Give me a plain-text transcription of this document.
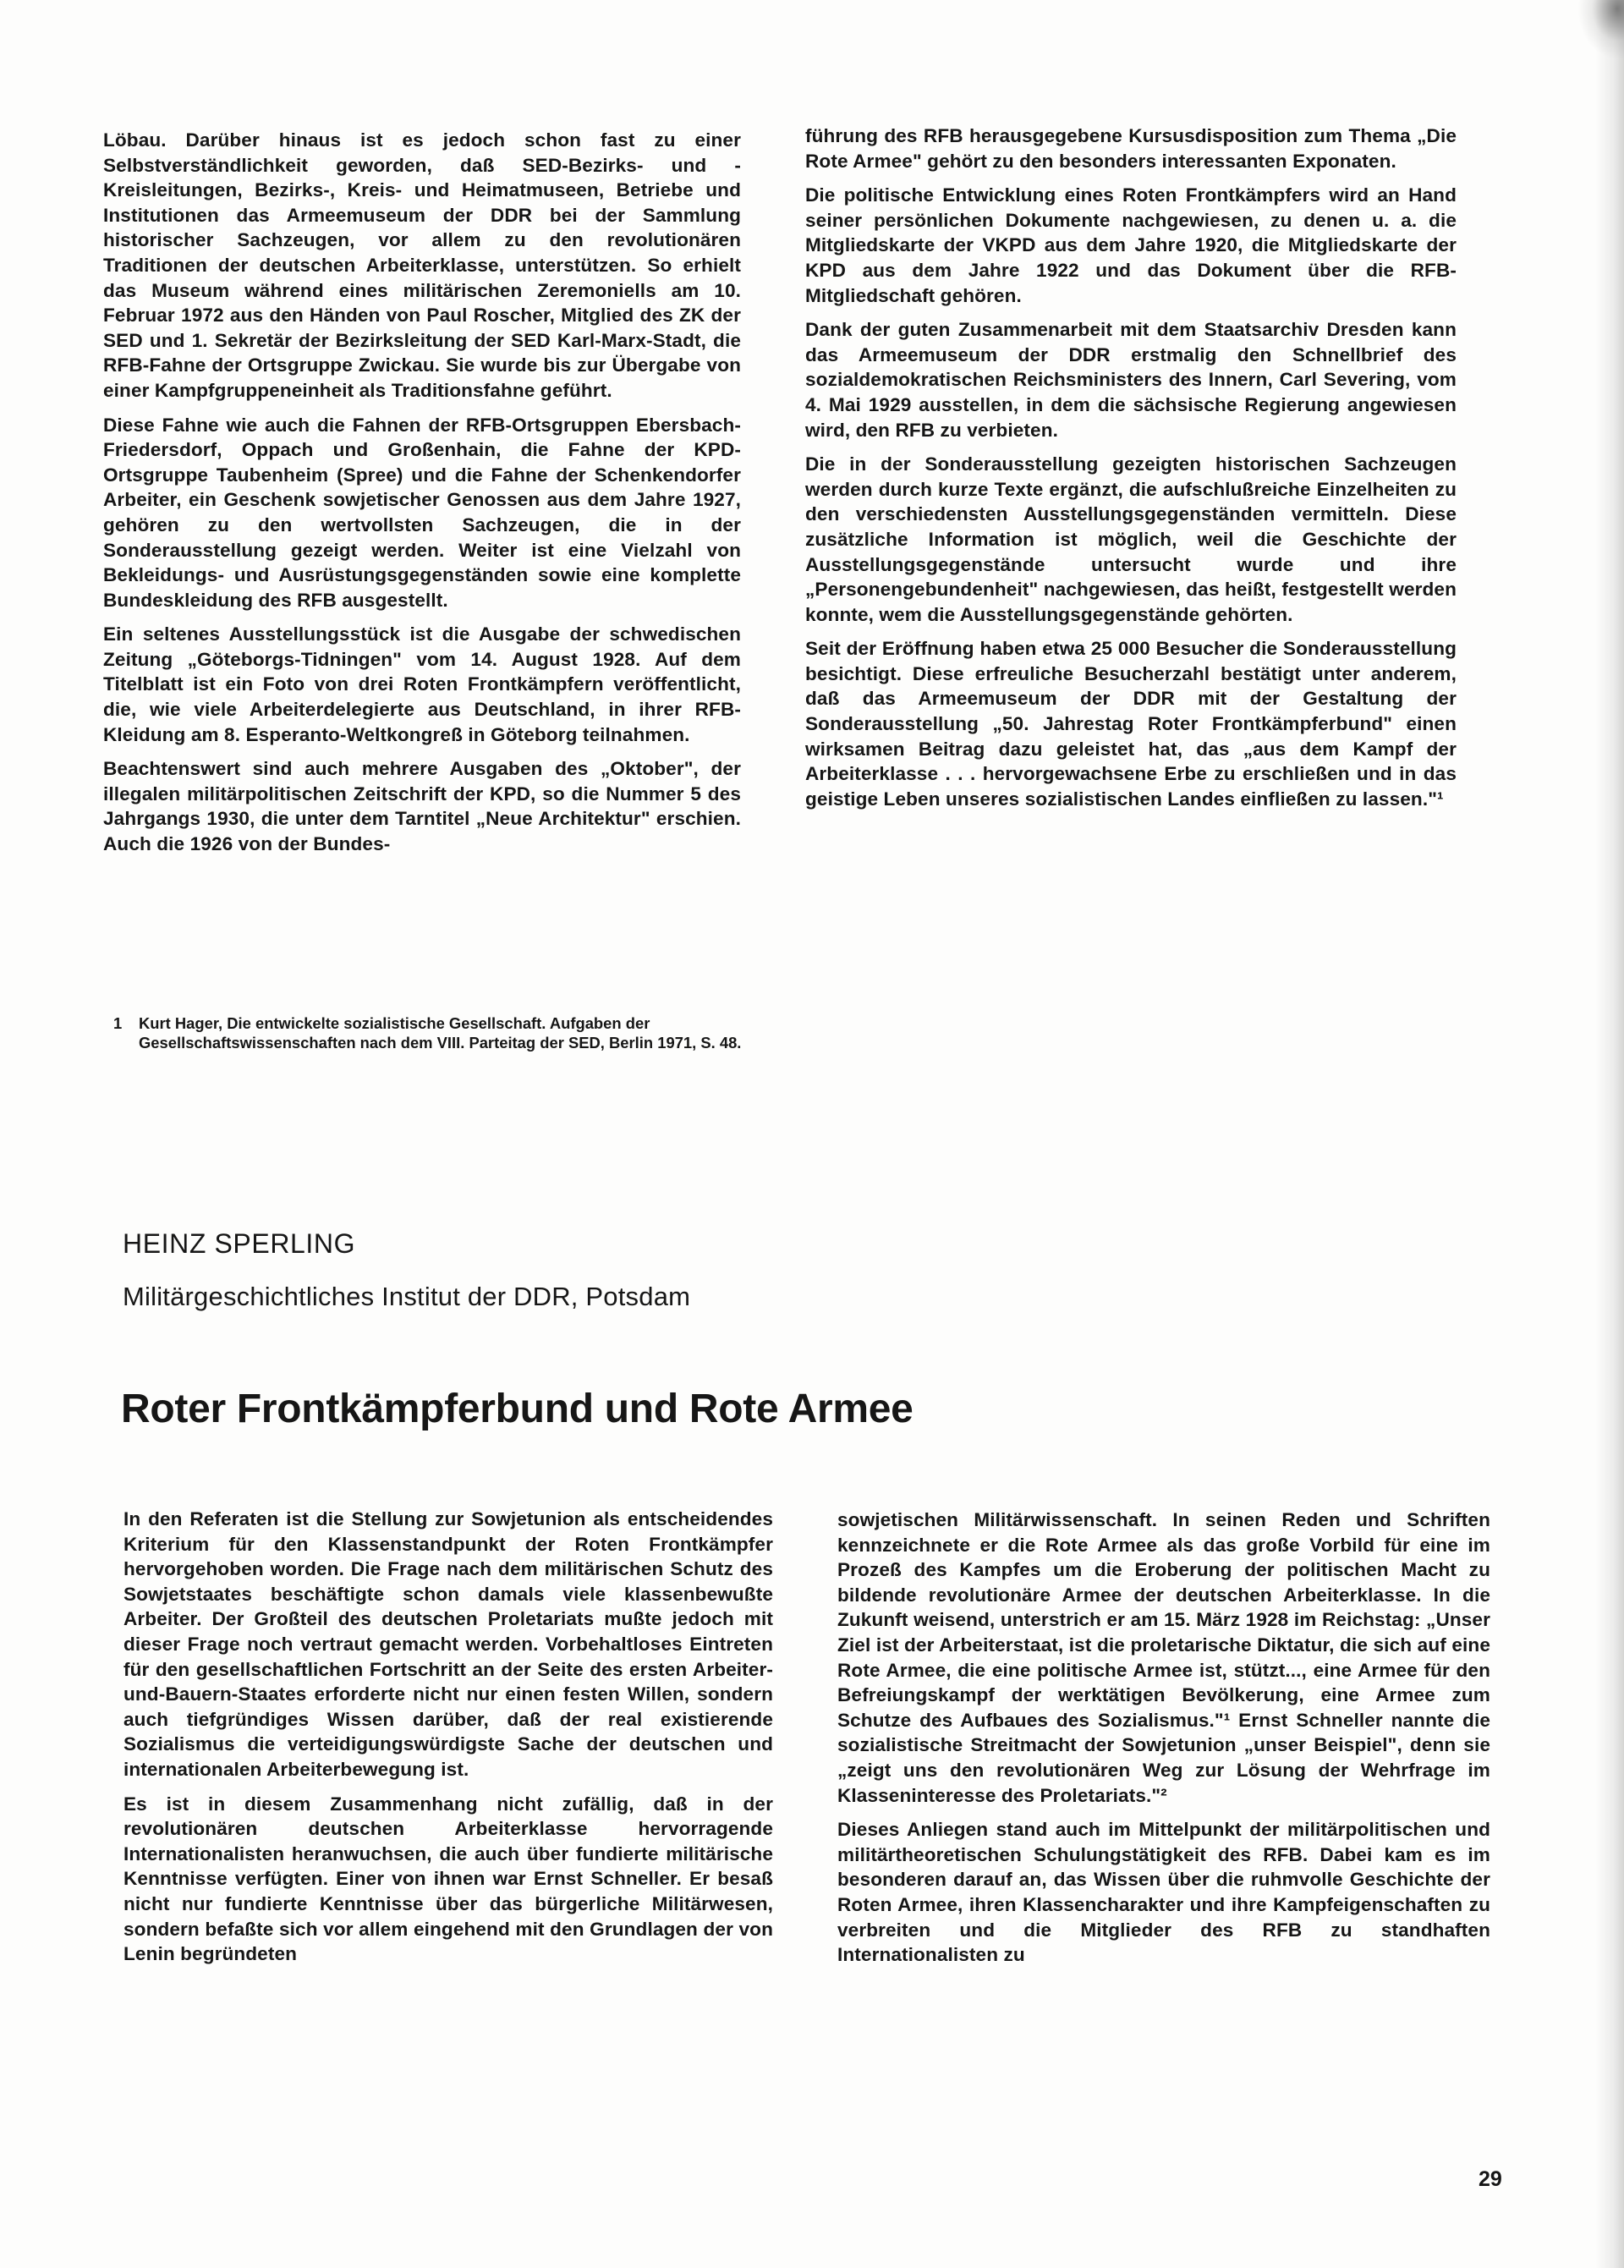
Löbau. Darüber hinaus ist es jedoch schon fast zu einer Selbstverständlichkeit geworden, daß SED-Bezirks- und -Kreisleitungen, Bezirks-, Kreis- und Heimatmuseen, Betriebe und Institutionen das Armeemuseum der DDR bei der Sammlung historischer Sachzeugen, vor allem zu den revolutionären Traditionen der deutschen Arbeiterklasse, unterstützen. So erhielt das Museum während eines militärischen Zeremoniells am 10. Februar 1972 aus den Händen von Paul Roscher, Mitglied des ZK der SED und 1. Sekretär der Bezirksleitung der SED Karl-Marx-Stadt, die RFB-Fahne der Ortsgruppe Zwickau. Sie wurde bis zur Übergabe von einer Kampfgruppeneinheit als Traditionsfahne geführt.

Diese Fahne wie auch die Fahnen der RFB-Ortsgruppen Ebersbach-Friedersdorf, Oppach und Großenhain, die Fahne der KPD-Ortsgruppe Taubenheim (Spree) und die Fahne der Schenkendorfer Arbeiter, ein Geschenk sowjetischer Genossen aus dem Jahre 1927, gehören zu den wertvollsten Sachzeugen, die in der Sonderausstellung gezeigt werden. Weiter ist eine Vielzahl von Bekleidungs- und Ausrüstungsgegenständen sowie eine komplette Bundeskleidung des RFB ausgestellt.

Ein seltenes Ausstellungsstück ist die Ausgabe der schwedischen Zeitung „Göteborgs-Tidningen" vom 14. August 1928. Auf dem Titelblatt ist ein Foto von drei Roten Frontkämpfern veröffentlicht, die, wie viele Arbeiterdelegierte aus Deutschland, in ihrer RFB-Kleidung am 8. Esperanto-Weltkongreß in Göteborg teilnahmen.

Beachtenswert sind auch mehrere Ausgaben des „Oktober", der illegalen militärpolitischen Zeitschrift der KPD, so die Nummer 5 des Jahrgangs 1930, die unter dem Tarntitel „Neue Architektur" erschien. Auch die 1926 von der Bundes-

führung des RFB herausgegebene Kursusdisposition zum Thema „Die Rote Armee" gehört zu den besonders interessanten Exponaten.

Die politische Entwicklung eines Roten Frontkämpfers wird an Hand seiner persönlichen Dokumente nachgewiesen, zu denen u. a. die Mitgliedskarte der VKPD aus dem Jahre 1920, die Mitgliedskarte der KPD aus dem Jahre 1922 und das Dokument über die RFB-Mitgliedschaft gehören.

Dank der guten Zusammenarbeit mit dem Staatsarchiv Dresden kann das Armeemuseum der DDR erstmalig den Schnellbrief des sozialdemokratischen Reichsministers des Innern, Carl Severing, vom 4. Mai 1929 ausstellen, in dem die sächsische Regierung angewiesen wird, den RFB zu verbieten.

Die in der Sonderausstellung gezeigten historischen Sachzeugen werden durch kurze Texte ergänzt, die aufschlußreiche Einzelheiten zu den verschiedensten Ausstellungsgegenständen vermitteln. Diese zusätzliche Information ist möglich, weil die Geschichte der Ausstellungsgegenstände untersucht wurde und ihre „Personengebundenheit" nachgewiesen, das heißt, festgestellt werden konnte, wem die Ausstellungsgegenstände gehörten.

Seit der Eröffnung haben etwa 25 000 Besucher die Sonderausstellung besichtigt. Diese erfreuliche Besucherzahl bestätigt unter anderem, daß das Armeemuseum der DDR mit der Gestaltung der Sonderausstellung „50. Jahrestag Roter Frontkämpferbund" einen wirksamen Beitrag dazu geleistet hat, das „aus dem Kampf der Arbeiterklasse . . . hervorgewachsene Erbe zu erschließen und in das geistige Leben unseres sozialistischen Landes einfließen zu lassen."¹

1	Kurt Hager, Die entwickelte sozialistische Gesellschaft. Aufgaben der Gesellschaftswissenschaften nach dem VIII. Parteitag der SED, Berlin 1971, S. 48.
HEINZ SPERLING

Militärgeschichtliches Institut der DDR, Potsdam

Roter Frontkämpferbund und Rote Armee

In den Referaten ist die Stellung zur Sowjetunion als entscheidendes Kriterium für den Klassenstandpunkt der Roten Frontkämpfer hervorgehoben worden. Die Frage nach dem militärischen Schutz des Sowjetstaates beschäftigte schon damals viele klassenbewußte Arbeiter. Der Großteil des deutschen Proletariats mußte jedoch mit dieser Frage noch vertraut gemacht werden. Vorbehaltloses Eintreten für den gesellschaftlichen Fortschritt an der Seite des ersten Arbeiter-und-Bauern-Staates erforderte nicht nur einen festen Willen, sondern auch tiefgründiges Wissen darüber, daß der real existierende Sozialismus die verteidigungswürdigste Sache der deutschen und internationalen Arbeiterbewegung ist.

Es ist in diesem Zusammenhang nicht zufällig, daß in der revolutionären deutschen Arbeiterklasse hervorragende Internationalisten heranwuchsen, die auch über fundierte militärische Kenntnisse verfügten. Einer von ihnen war Ernst Schneller. Er besaß nicht nur fundierte Kenntnisse über das bürgerliche Militärwesen, sondern befaßte sich vor allem eingehend mit den Grundlagen der von Lenin begründeten

sowjetischen Militärwissenschaft. In seinen Reden und Schriften kennzeichnete er die Rote Armee als das große Vorbild für eine im Prozeß des Kampfes um die Eroberung der politischen Macht zu bildende revolutionäre Armee der deutschen Arbeiterklasse. In die Zukunft weisend, unterstrich er am 15. März 1928 im Reichstag: „Unser Ziel ist der Arbeiterstaat, ist die proletarische Diktatur, die sich auf eine Rote Armee, die eine politische Armee ist, stützt..., eine Armee für den Befreiungskampf der werktätigen Bevölkerung, eine Armee zum Schutze des Aufbaues des Sozialismus."¹ Ernst Schneller nannte die sozialistische Streitmacht der Sowjetunion „unser Beispiel", denn sie „zeigt uns den revolutionären Weg zur Lösung der Wehrfrage im Klasseninteresse des Proletariats."²

Dieses Anliegen stand auch im Mittelpunkt der militärpolitischen und militärtheoretischen Schulungstätigkeit des RFB. Dabei kam es im besonderen darauf an, das Wissen über die ruhmvolle Geschichte der Roten Armee, ihren Klassencharakter und ihre Kampfeigenschaften zu verbreiten und die Mitglieder des RFB zu standhaften Internationalisten zu

29
